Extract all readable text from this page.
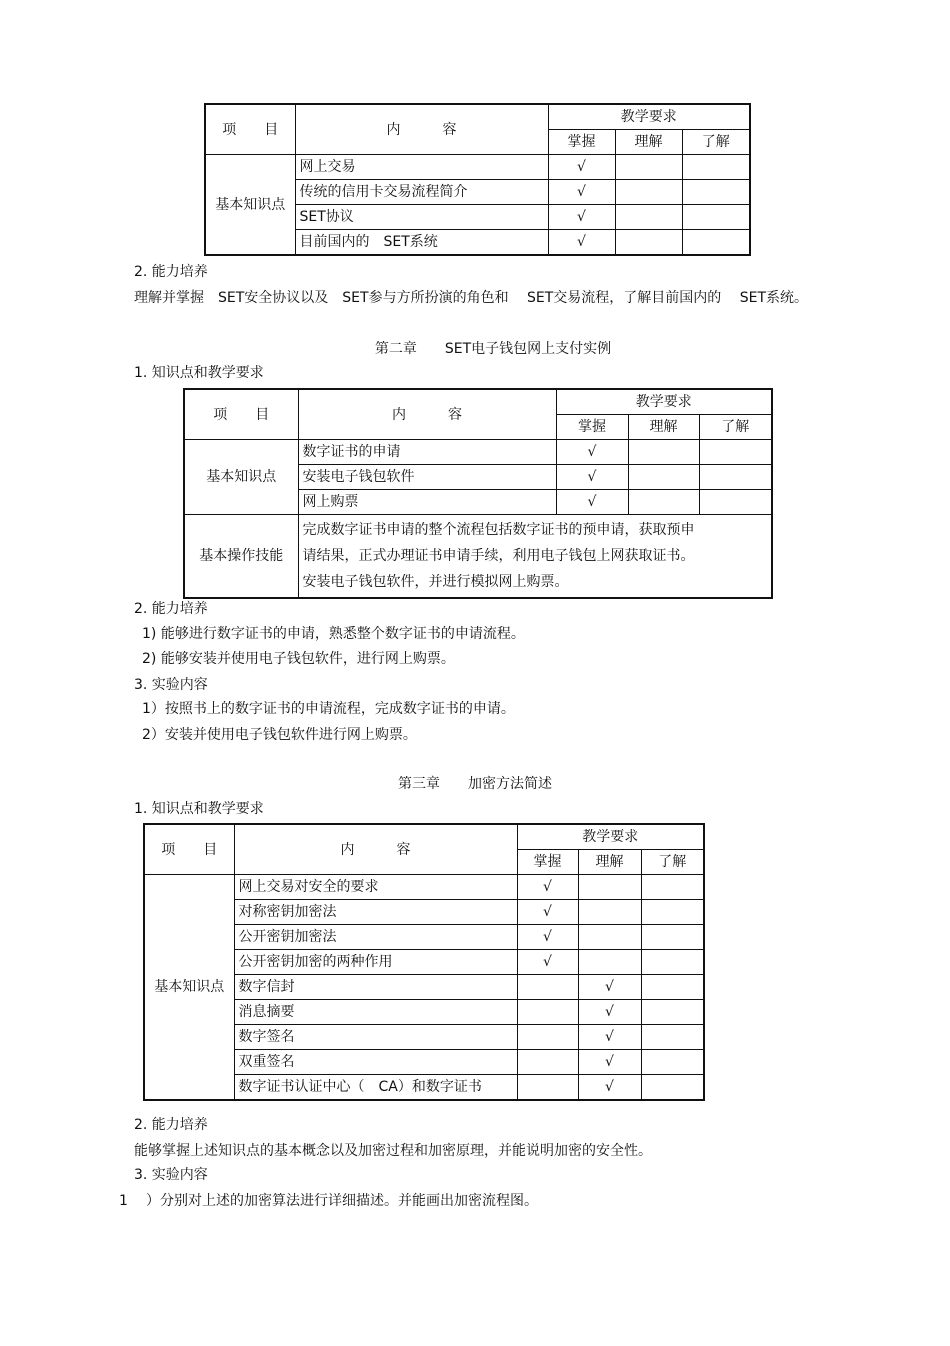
项　　目	内　　　容	教学要求		
		掌握	理解	了解
基本知识点	网上交易	√		
	传统的信用卡交易流程简介	√		
	SET协议	√		
	目前国内的　SET系统	√		
2. 能力培养
理解并掌握　SET安全协议以及　SET参与方所扮演的角色和　 SET交易流程，了解目前国内的　 SET系统。
第二章　　SET电子钱包网上支付实例
1. 知识点和教学要求
项　　目	内　　　容	教学要求		
		掌握	理解	了解
基本知识点	数字证书的申请	√		
	安装电子钱包软件	√		
	网上购票	√		
基本操作技能	完成数字证书申请的整个流程包括数字证书的预申请，获取预申
请结果，正式办理证书申请手续，利用电子钱包上网获取证书。
安装电子钱包软件，并进行模拟网上购票。			
2. 能力培养
1) 能够进行数字证书的申请，熟悉整个数字证书的申请流程。
2) 能够安装并使用电子钱包软件，进行网上购票。
3. 实验内容
1）按照书上的数字证书的申请流程，完成数字证书的申请。
2）安装并使用电子钱包软件进行网上购票。
第三章　　加密方法简述
1. 知识点和教学要求
项　　目	内　　　容	教学要求		
		掌握	理解	了解
基本知识点	网上交易对安全的要求	√		
	对称密钥加密法	√		
	公开密钥加密法	√		
	公开密钥加密的两种作用	√		
	数字信封		√	
	消息摘要		√	
	数字签名		√	
	双重签名		√	
	数字证书认证中心（　CA）和数字证书		√	
2. 能力培养
能够掌握上述知识点的基本概念以及加密过程和加密原理，并能说明加密的安全性。
3. 实验内容
1 ）分别对上述的加密算法进行详细描述。并能画出加密流程图。
